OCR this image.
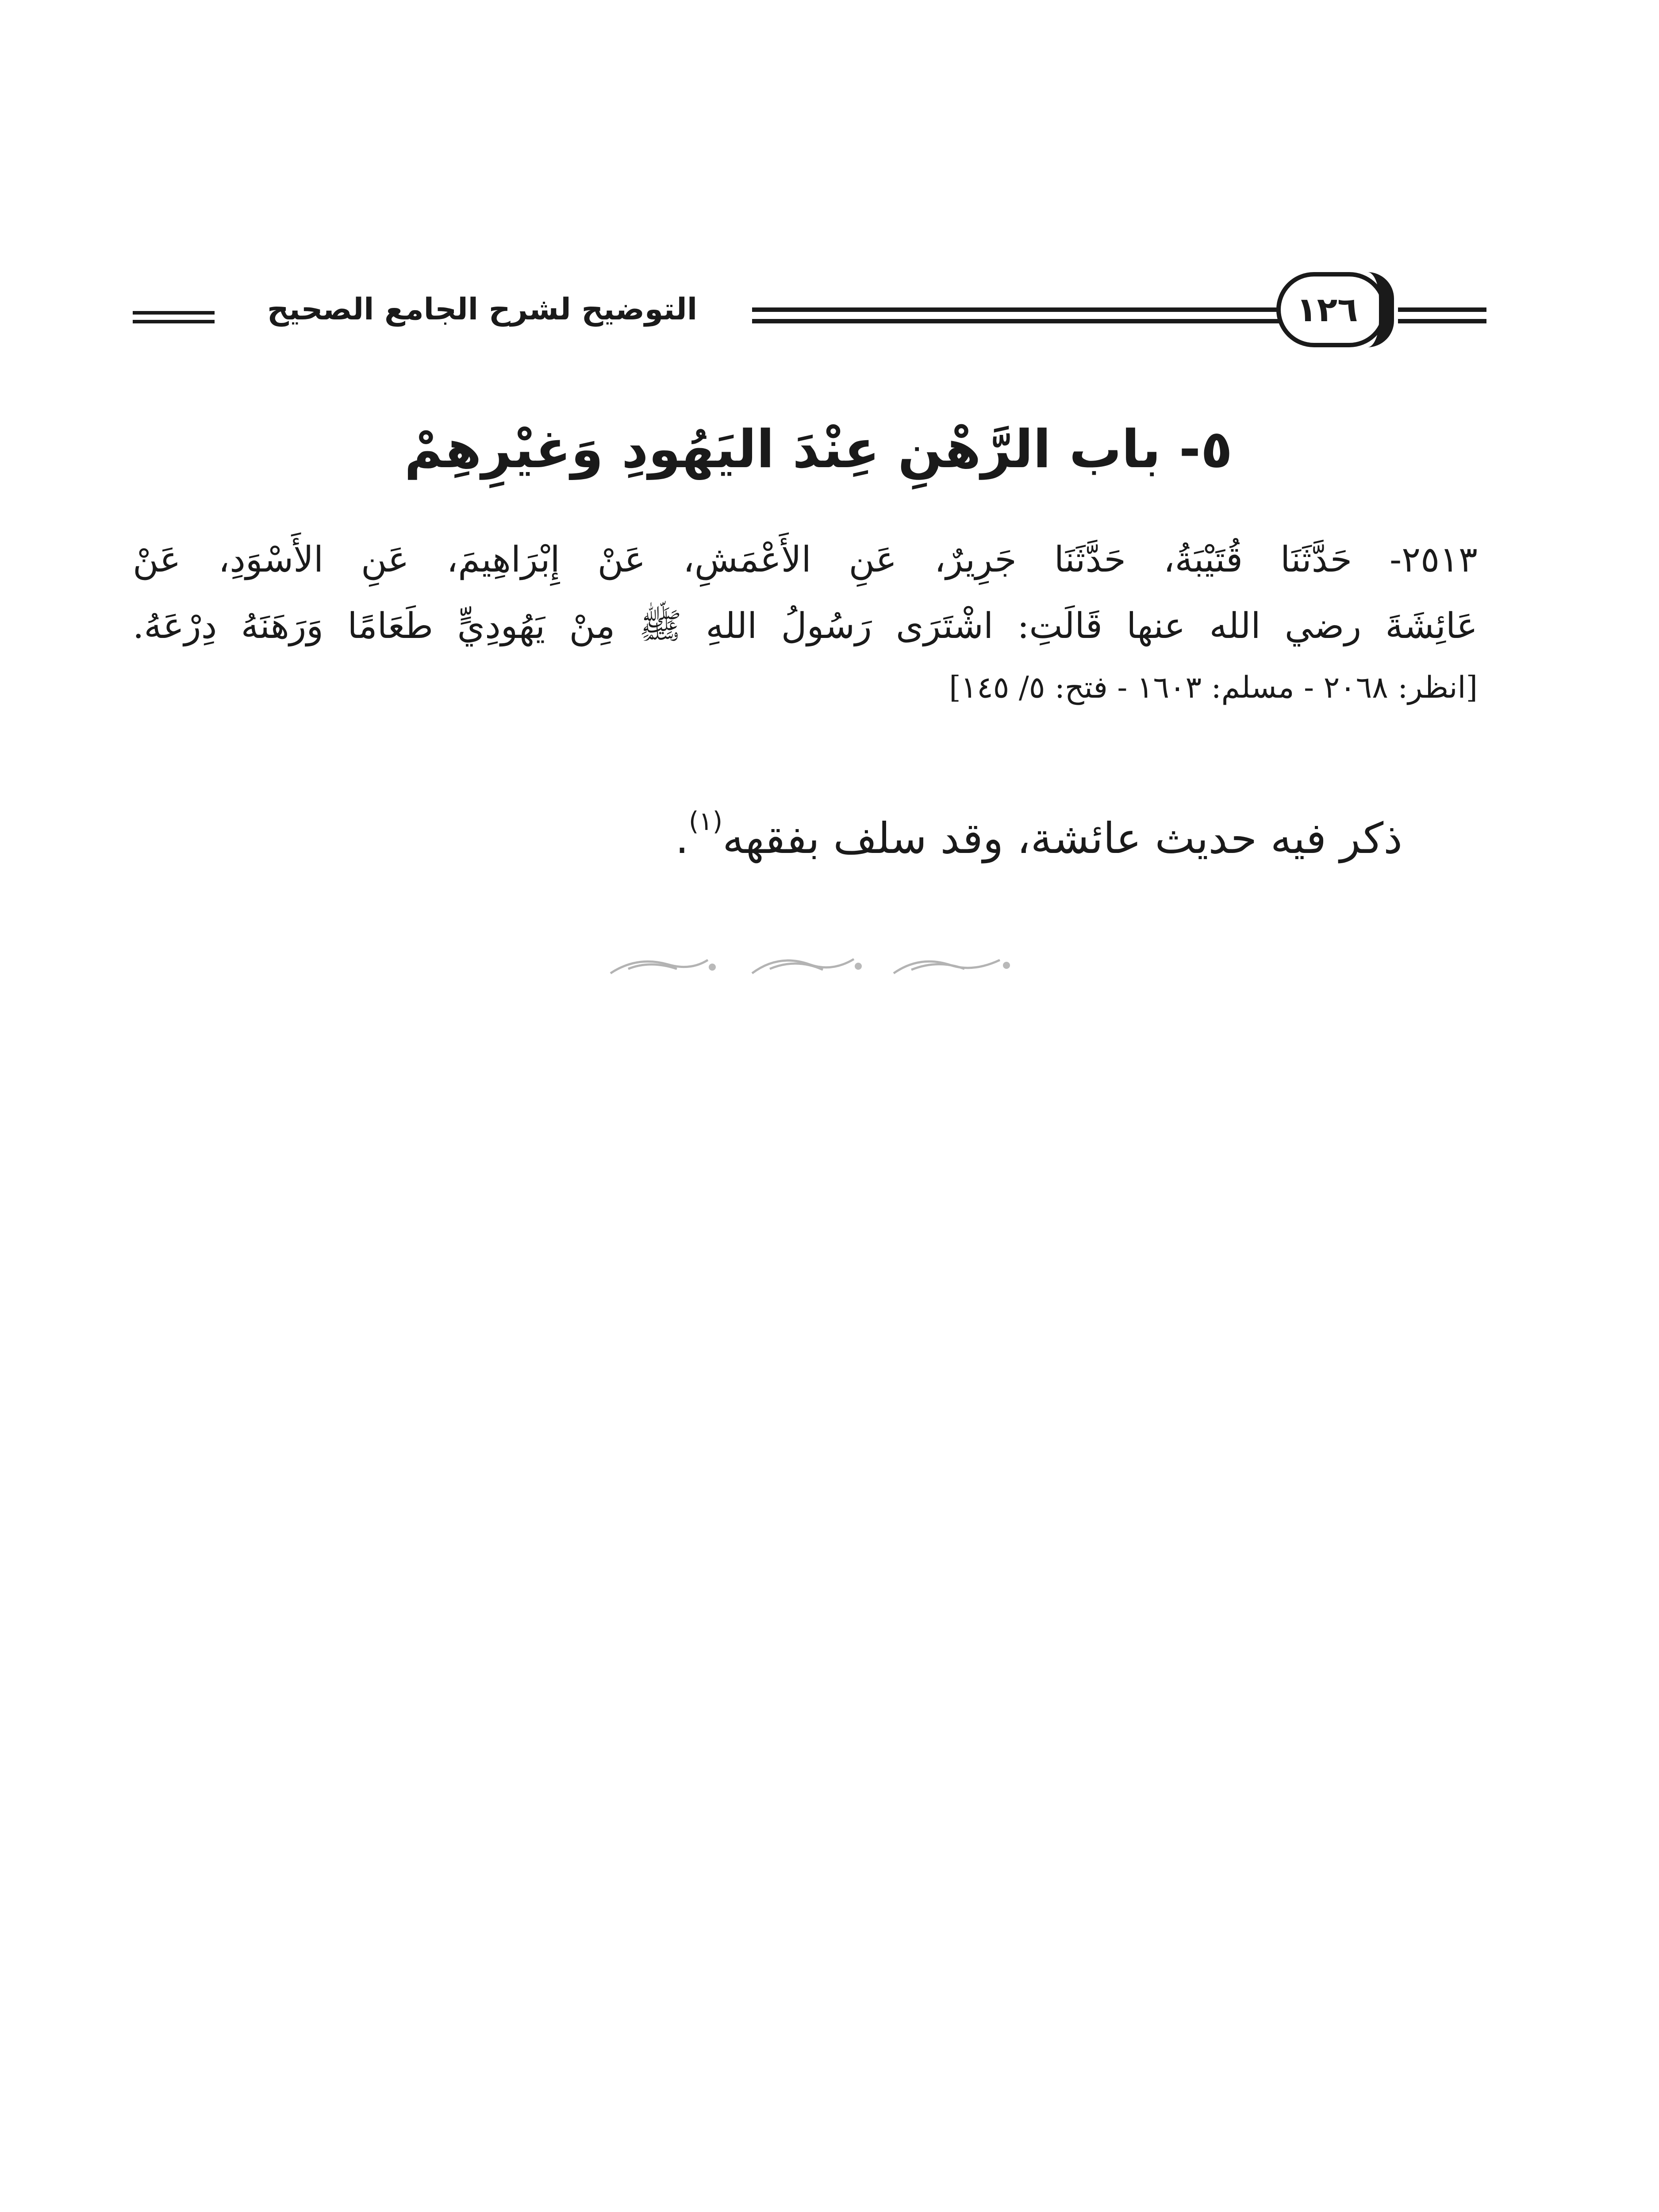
التوضيح لشرح الجامع الصحيح	١٢٦
٥- باب الرَّهْنِ عِنْدَ اليَهُودِ وَغيْرِهِمْ
٢٥١٣- حَدَّثَنَا قُتَيْبَةُ، حَدَّثَنَا جَرِيرٌ، عَنِ الأَعْمَشِ، عَنْ إِبْرَاهِيمَ، عَنِ الأَسْوَدِ، عَنْ
عَائِشَةَ رضي الله عنها قَالَتِ: اشْتَرَى رَسُولُ اللهِ ﷺ مِنْ يَهُودِيٍّ طَعَامًا وَرَهَنَهُ دِرْعَهُ.
[انظر: ٢٠٦٨ - مسلم: ١٦٠٣ - فتح: ٥/ ١٤٥]
ذكر فيه حديث عائشة، وقد سلف بفقهه$^{(١)}$.
